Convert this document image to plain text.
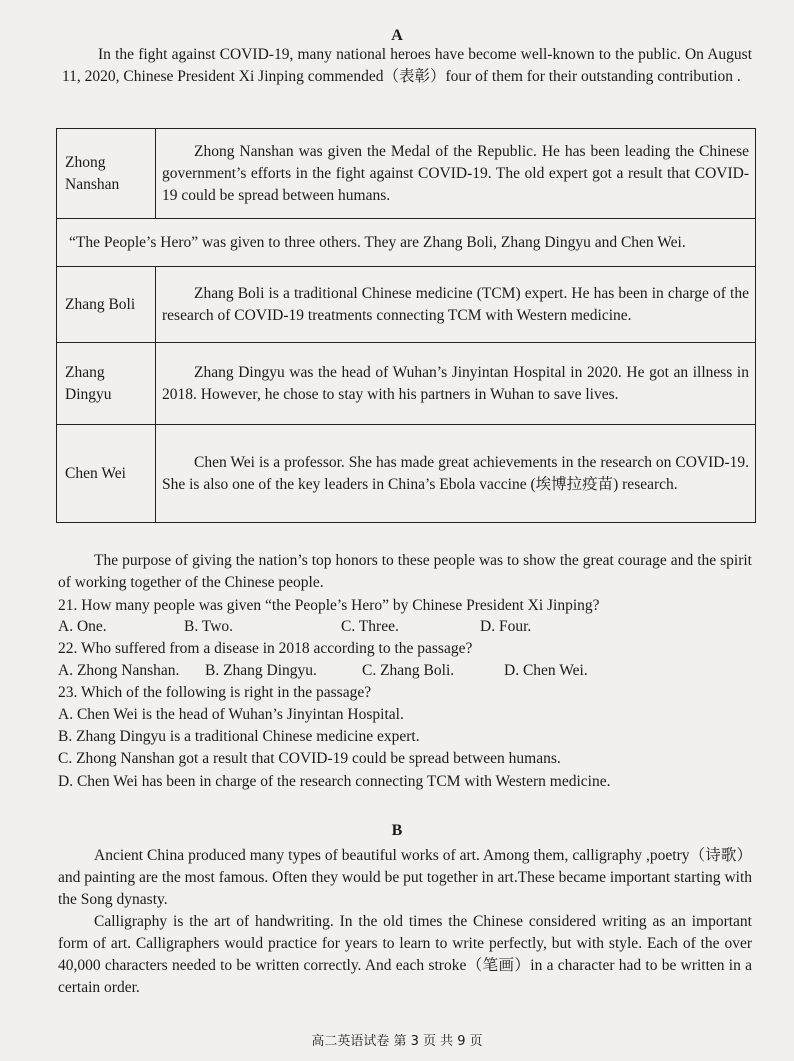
A
In the fight against COVID-19, many national heroes have become well-known to the public. On August 11, 2020, Chinese President Xi Jinping commended（表彰）four of them for their outstanding contribution .
Zhong Nanshan	Zhong Nanshan was given the Medal of the Republic. He has been leading the Chinese government’s efforts in the fight against COVID-19. The old expert got a result that COVID-19 could be spread between humans.
“The People’s Hero” was given to three others. They are Zhang Boli, Zhang Dingyu and Chen Wei.	
Zhang Boli	Zhang Boli is a traditional Chinese medicine (TCM) expert. He has been in charge of the research of COVID-19 treatments connecting TCM with Western medicine.
Zhang Dingyu	Zhang Dingyu was the head of Wuhan’s Jinyintan Hospital in 2020. He got an illness in 2018. However, he chose to stay with his partners in Wuhan to save lives.
Chen Wei	Chen Wei is a professor. She has made great achievements in the research on COVID-19. She is also one of the key leaders in China’s Ebola vaccine (埃博拉疫苗) research.
The purpose of giving the nation’s top honors to these people was to show the great courage and the spirit of working together of the Chinese people.
21. How many people was given “the People’s Hero” by Chinese President Xi Jinping?
A. One.	B. Two.	C. Three.	D. Four.
22. Who suffered from a disease in 2018 according to the passage?
A. Zhong Nanshan. B. Zhang Dingyu.	C. Zhang Boli.	D. Chen Wei.
23. Which of the following is right in the passage?
A. Chen Wei is the head of Wuhan’s Jinyintan Hospital.
B. Zhang Dingyu is a traditional Chinese medicine expert.
C. Zhong Nanshan got a result that COVID-19 could be spread between humans.
D. Chen Wei has been in charge of the research connecting TCM with Western medicine.
B
Ancient China produced many types of beautiful works of art. Among them, calligraphy ,poetry（诗歌）and painting are the most famous. Often they would be put together in art.These became important starting with the Song dynasty.
Calligraphy is the art of handwriting. In the old times the Chinese considered writing as an important form of art. Calligraphers would practice for years to learn to write perfectly, but with style. Each of the over 40,000 characters needed to be written correctly. And each stroke（笔画）in a character had to be written in a certain order.
高二英语试卷 第 3 页 共 9 页
